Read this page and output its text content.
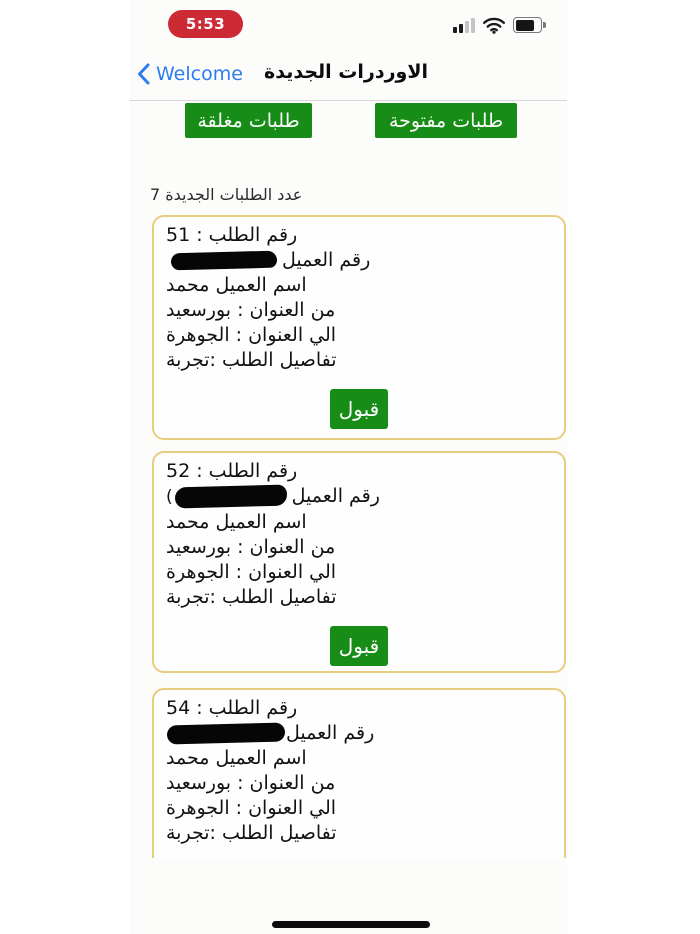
5:53
Welcome الاوردرات الجديدة
طلبات مغلقة	طلبات مفتوحة
عدد الطلبات الجديدة 7
رقم الطلب : 51
رقم العميل
اسم العميل محمد
من العنوان : بورسعيد
الي العنوان : الجوهرة
تفاصيل الطلب :تجربة
قبول
رقم الطلب : 52
رقم العميل(
اسم العميل محمد
من العنوان : بورسعيد
الي العنوان : الجوهرة
تفاصيل الطلب :تجربة
قبول
رقم الطلب : 54
رقم العميل
اسم العميل محمد
من العنوان : بورسعيد
الي العنوان : الجوهرة
تفاصيل الطلب :تجربة
